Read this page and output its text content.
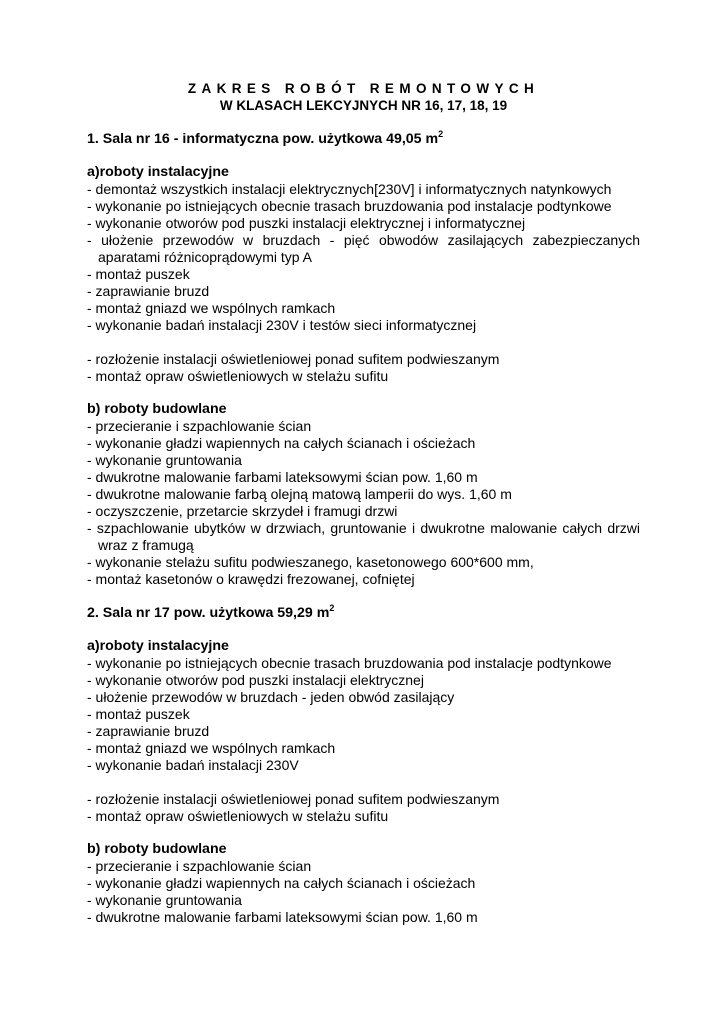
ZAKRES ROBÓT REMONTOWYCH
W KLASACH LEKCYJNYCH NR 16, 17, 18, 19
1. Sala nr 16 - informatyczna pow. użytkowa 49,05 $m^2$
a)roboty instalacyjne
- demontaż wszystkich instalacji elektrycznych[230V] i informatycznych natynkowych
- wykonanie po istniejących obecnie trasach bruzdowania pod instalacje podtynkowe
- wykonanie otworów pod puszki instalacji elektrycznej i informatycznej
- ułożenie przewodów w bruzdach - pięć obwodów zasilających zabezpieczanych aparatami różnicoprądowymi typ A
- montaż puszek
- zaprawianie bruzd
- montaż gniazd we wspólnych ramkach
- wykonanie badań instalacji 230V i testów sieci informatycznej
- rozłożenie instalacji oświetleniowej ponad sufitem podwieszanym
- montaż opraw oświetleniowych w stelażu sufitu
b) roboty budowlane
- przecieranie i szpachlowanie ścian
- wykonanie gładzi wapiennych na całych ścianach i ościeżach
- wykonanie gruntowania
- dwukrotne malowanie farbami lateksowymi ścian pow. 1,60 m
- dwukrotne malowanie farbą olejną matową lamperii do wys. 1,60 m
- oczyszczenie, przetarcie skrzydeł i framugi drzwi
- szpachlowanie ubytków w drzwiach, gruntowanie i dwukrotne malowanie całych drzwi wraz z framugą
- wykonanie stelażu sufitu podwieszanego, kasetonowego 600*600 mm,
- montaż kasetonów o krawędzi frezowanej, cofniętej
2. Sala nr 17 pow. użytkowa 59,29 $m^2$
a)roboty instalacyjne
- wykonanie po istniejących obecnie trasach bruzdowania pod instalacje podtynkowe
- wykonanie otworów pod puszki instalacji elektrycznej
- ułożenie przewodów w bruzdach - jeden obwód zasilający
- montaż puszek
- zaprawianie bruzd
- montaż gniazd we wspólnych ramkach
- wykonanie badań instalacji 230V
- rozłożenie instalacji oświetleniowej ponad sufitem podwieszanym
- montaż opraw oświetleniowych w stelażu sufitu
b) roboty budowlane
- przecieranie i szpachlowanie ścian
- wykonanie gładzi wapiennych na całych ścianach i ościeżach
- wykonanie gruntowania
- dwukrotne malowanie farbami lateksowymi ścian pow. 1,60 m
